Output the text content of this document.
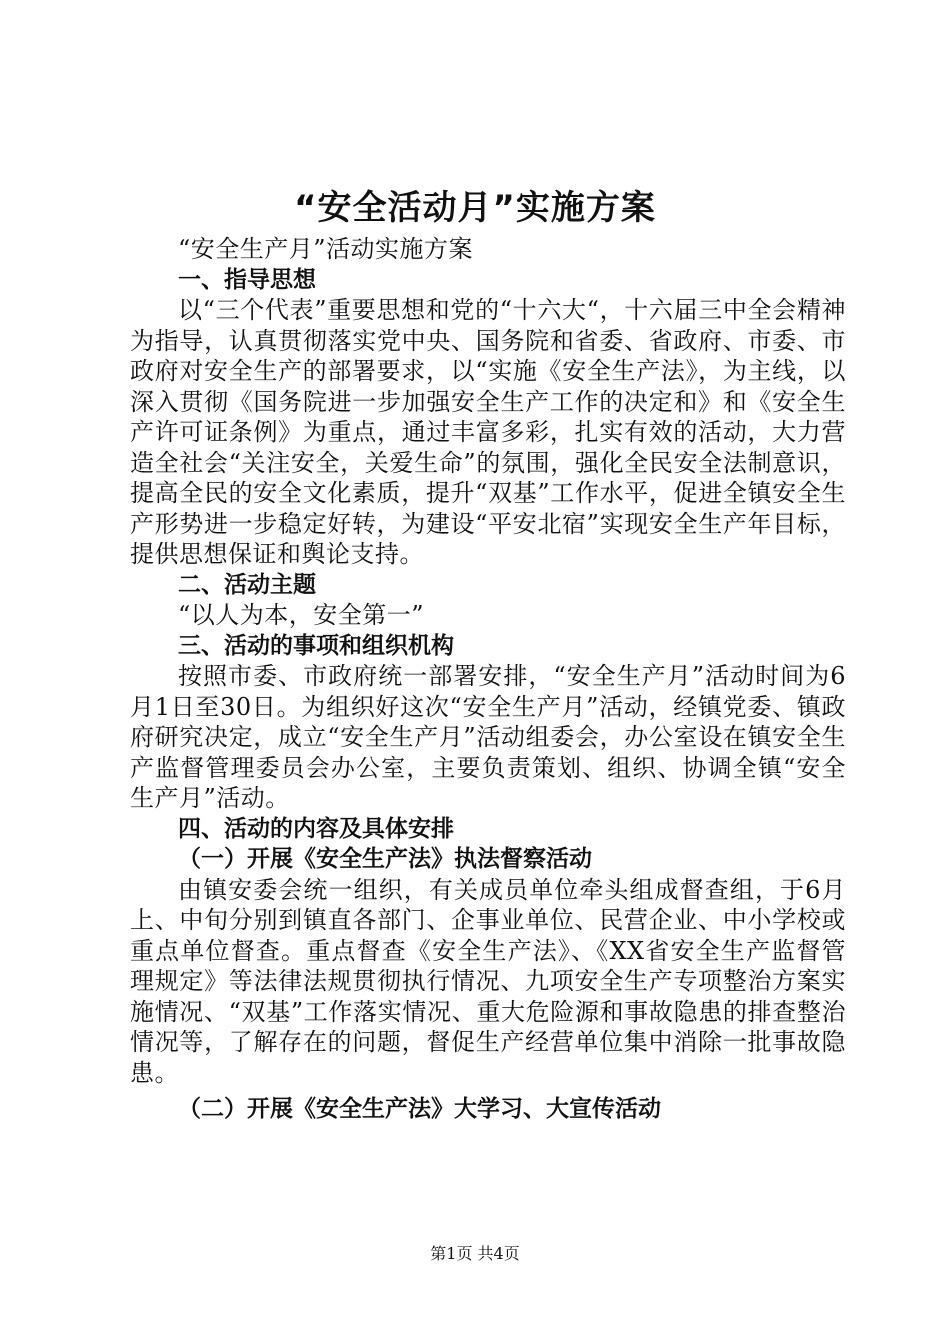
“安全活动月”实施方案

“安全生产月”活动实施方案

一、指导思想

以“三个代表”重要思想和党的“十六大“，十六届三中全会精神为指导，认真贯彻落实党中央、国务院和省委、省政府、市委、市政府对安全生产的部署要求，以“实施《安全生产法》，为主线，以深入贯彻《国务院进一步加强安全生产工作的决定和》和《安全生产许可证条例》为重点，通过丰富多彩，扎实有效的活动，大力营造全社会“关注安全，关爱生命”的氛围，强化全民安全法制意识，提高全民的安全文化素质，提升“双基”工作水平，促进全镇安全生产形势进一步稳定好转，为建设“平安北宿”实现安全生产年目标，提供思想保证和舆论支持。

二、活动主题

“以人为本，安全第一”

三、活动的事项和组织机构

按照市委、市政府统一部署安排，“安全生产月”活动时间为6月1日至30日。为组织好这次“安全生产月”活动，经镇党委、镇政府研究决定，成立“安全生产月”活动组委会，办公室设在镇安全生产监督管理委员会办公室，主要负责策划、组织、协调全镇“安全生产月”活动。

四、活动的内容及具体安排

（一）开展《安全生产法》执法督察活动

由镇安委会统一组织，有关成员单位牵头组成督查组，于6月上、中旬分别到镇直各部门、企事业单位、民营企业、中小学校或重点单位督查。重点督查《安全生产法》、《XX省安全生产监督管理规定》等法律法规贯彻执行情况、九项安全生产专项整治方案实施情况、“双基”工作落实情况、重大危险源和事故隐患的排查整治情况等，了解存在的问题，督促生产经营单位集中消除一批事故隐患。

（二）开展《安全生产法》大学习、大宣传活动

第1页 共4页
